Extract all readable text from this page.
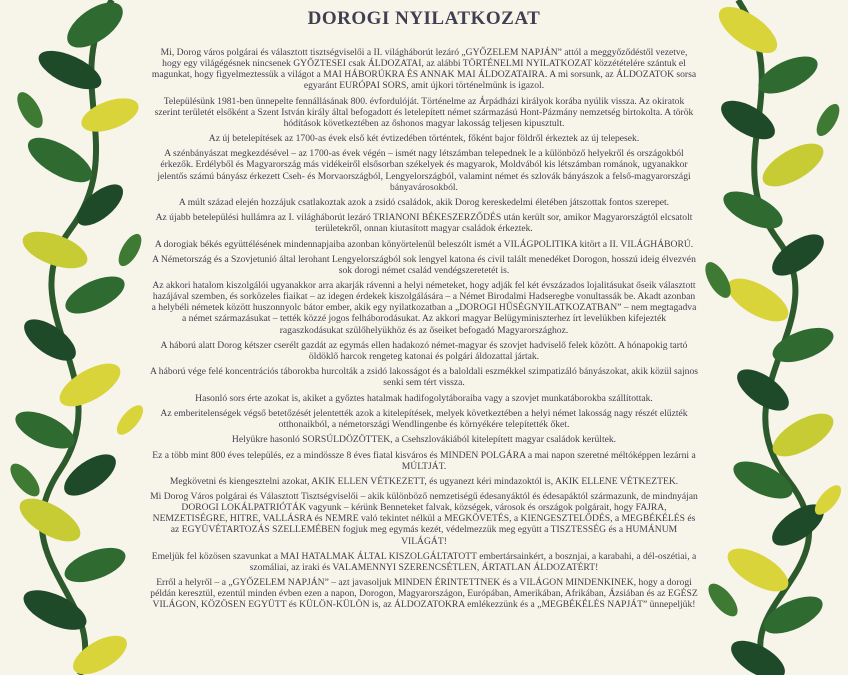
DOROGI NYILATKOZAT

Mi, Dorog város polgárai és választott tisztségviselői a II. világháborút lezáró „GYŐZELEM NAPJÁN” attól a meggyőződéstől vezetve, hogy egy világégésnek nincsenek GYŐZTESEI csak ÁLDOZATAI, az alábbi TÖRTÉNELMI NYILATKOZAT közzétételére szántuk el magunkat, hogy figyelmeztessük a világot a MAI HÁBORÚKRA ÉS ANNAK MAI ÁLDOZATAIRA. A mi sorsunk, az ÁLDOZATOK sorsa egyaránt EURÓPAI SORS, amit újkori történelmünk is igazol.

Településünk 1981-ben ünnepelte fennállásának 800. évfordulóját. Történelme az Árpádházi királyok korába nyúlik vissza. Az okiratok szerint területét elsőként a Szent István király által befogadott és letelepített német származású Hont-Pázmány nemzetség birtokolta. A török hódítások következtében az őshonos magyar lakosság teljesen kipusztult.

Az új betelepítések az 1700-as évek első két évtizedében történtek, főként bajor földről érkeztek az új telepesek.

A szénbányászat megkezdésével – az 1700-as évek végén – ismét nagy létszámban telepednek le a különböző helyekről és országokból érkezők. Erdélyből és Magyarország más vidékeiről elsősorban székelyek és magyarok, Moldvából kis létszámban románok, ugyanakkor jelentős számú bányász érkezett Cseh- és Morvaországból, Lengyelországból, valamint német és szlovák bányászok a felső-magyarországi bányavárosokból.

A múlt század elején hozzájuk csatlakoztak azok a zsidó családok, akik Dorog kereskedelmi életében játszottak fontos szerepet.

Az újabb betelepülési hullámra az I. világháborút lezáró TRIANONI BÉKESZERZŐDÉS után került sor, amikor Magyarországtól elcsatolt területekről, onnan kiutasított magyar családok érkeztek.

A dorogiak békés együttélésének mindennapjaiba azonban könyörtelenül beleszólt ismét a VILÁGPOLITIKA kitört a II. VILÁGHÁBORÚ.

A Németország és a Szovjetunió által lerohant Lengyelországból sok lengyel katona és civil talált menedéket Dorogon, hosszú ideig élvezvén sok dorogi német család vendégszeretetét is.

Az akkori hatalom kiszolgálói ugyanakkor arra akarják rávenni a helyi németeket, hogy adják fel két évszázados lojalitásukat őseik választott hazájával szemben, és sorközeles fiaikat – az idegen érdekek kiszolgálására – a Német Birodalmi Hadseregbe vonultassák be. Akadt azonban a helybéli németek között huszonnyolc bátor ember, akik egy nyilatkozatban a „DOROGI HŰSÉGNYILATKOZATBAN” – nem megtagadva a német származásukat – tették közzé jogos felháborodásukat. Az akkori magyar Belügyminiszterhez írt levelükben kifejezték ragaszkodásukat szülőhelyükhöz és az őseiket befogadó Magyarországhoz.

A háború alatt Dorog kétszer cserélt gazdát az egymás ellen hadakozó német-magyar és szovjet hadviselő felek között. A hónapokig tartó öldöklő harcok rengeteg katonai és polgári áldozattal jártak.

A háború vége felé koncentrációs táborokba hurcolták a zsidó lakosságot és a baloldali eszmékkel szimpatizáló bányászokat, akik közül sajnos senki sem tért vissza.

Hasonló sors érte azokat is, akiket a győztes hatalmak hadifogolytáboraiba vagy a szovjet munkatáborokba szállítottak.

Az emberitelenségek végső betetőzését jelentették azok a kitelepítések, melyek következtében a helyi német lakosság nagy részét elűzték otthonaikból, a németországi Wendlingenbe és környékére telepítették őket.

Helyükre hasonló SORSÚLDÖZÖTTEK, a Csehszlovákiából kitelepített magyar családok kerültek.

Ez a több mint 800 éves település, ez a mindössze 8 éves fiatal kisváros és MINDEN POLGÁRA a mai napon szeretné méltóképpen lezárni a MÚLTJÁT.

Megkövetni és kiengesztelni azokat, AKIK ELLEN VÉTKEZETT, és ugyanezt kéri mindazoktól is, AKIK ELLENE VÉTKEZTEK.

Mi Dorog Város polgárai és Választott Tisztségviselői – akik különböző nemzetiségű édesanyáktól és édesapáktól származunk, de mindnyájan DOROGI LOKÁLPATRIÓTÁK vagyunk – kérünk Benneteket falvak, községek, városok és országok polgárait, hogy FAJRA, NEMZETISÉGRE, HITRE, VALLÁSRA és NEMRE való tekintet nélkül a MEGKÖVETÉS, a KIENGESZTELŐDÉS, a MEGBÉKÉLÉS és az EGYÜVÉTARTOZÁS SZELLEMÉBEN fogjuk meg egymás kezét, védelmezzük meg együtt a TISZTESSÉG és a HUMÁNUM VILÁGÁT!

Emeljük fel közösen szavunkat a MAI HATALMAK ÁLTAL KISZOLGÁLTATOTT embertársainkért, a bosznjai, a karabahi, a dél-oszétiai, a szomáliai, az iraki és VALAMENNYI SZERENCSÉTLEN, ÁRTATLAN ÁLDOZATÉRT!

Erről a helyről – a „GYŐZELEM NAPJÁN” – azt javasoljuk MINDEN ÉRINTETTNEK és a VILÁGON MINDENKINEK, hogy a dorogi példán keresztül, ezentúl minden évben ezen a napon, Dorogon, Magyarországon, Európában, Amerikában, Afrikában, Ázsiában és az EGÉSZ VILÁGON, KÖZÖSEN EGYÜTT és KÜLÖN-KÜLÖN is, az ÁLDOZATOKRA emlékezzünk és a „MEGBÉKÉLÉS NAPJÁT” ünnepeljük!
